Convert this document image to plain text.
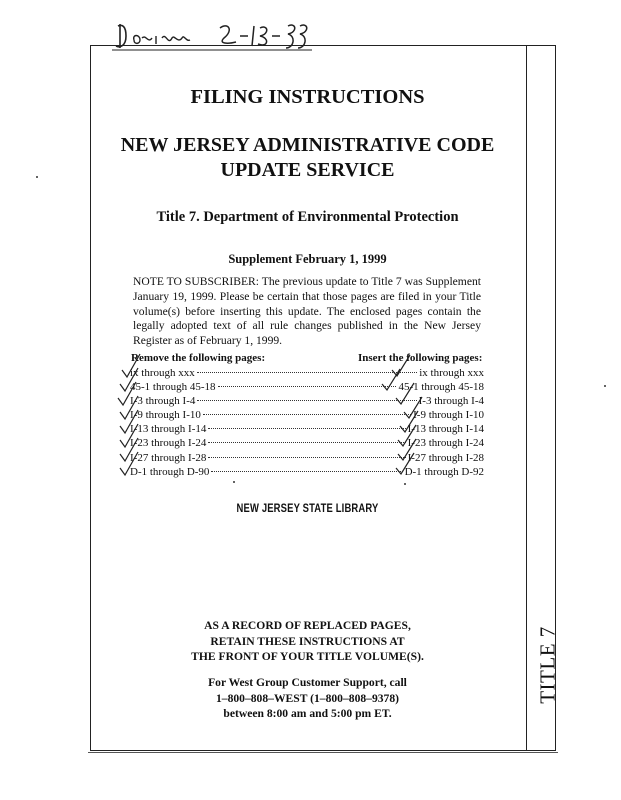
TITLE 7
FILING INSTRUCTIONS
NEW JERSEY ADMINISTRATIVE CODE
UPDATE SERVICE
Title 7. Department of Environmental Protection
Supplement February 1, 1999
NOTE TO SUBSCRIBER: The previous update to Title 7 was Supplement January 19, 1999. Please be certain that those pages are filed in your Title volume(s) before inserting this update. The enclosed pages contain the legally adopted text of all rule changes published in the New Jersey Register as of February 1, 1999.
Remove the following pages:	Insert the following pages:
ix through xxx	ix through xxx
45-1 through 45-18	45-1 through 45-18
I-3 through I-4	I-3 through I-4
I-9 through I-10	I-9 through I-10
I-13 through I-14	I-13 through I-14
I-23 through I-24	I-23 through I-24
I-27 through I-28	I-27 through I-28
D-1 through D-90	D-1 through D-92
NEW JERSEY STATE LIBRARY
AS A RECORD OF REPLACED PAGES,
RETAIN THESE INSTRUCTIONS AT
THE FRONT OF YOUR TITLE VOLUME(S).
For West Group Customer Support, call
1–800–808–WEST (1–800–808–9378)
between 8:00 am and 5:00 pm ET.
